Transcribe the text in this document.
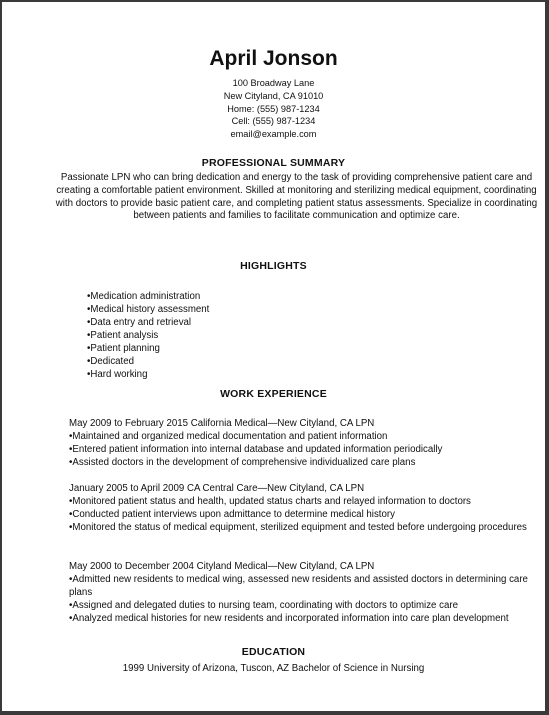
April Jonson
100 Broadway Lane
New Cityland, CA 91010
Home: (555) 987-1234
Cell: (555) 987-1234
email@example.com
PROFESSIONAL SUMMARY
Passionate LPN who can bring dedication and energy to the task of providing comprehensive patient care and creating a comfortable patient environment. Skilled at monitoring and sterilizing medical equipment, coordinating with doctors to provide basic patient care, and completing patient status assessments. Specialize in coordinating between patients and families to facilitate communication and optimize care.
HIGHLIGHTS
•Medication administration
•Medical history assessment
•Data entry and retrieval
•Patient analysis
•Patient planning
•Dedicated
•Hard working
WORK EXPERIENCE
May 2009 to February 2015 California Medical—New Cityland, CA LPN
•Maintained and organized medical documentation and patient information
•Entered patient information into internal database and updated information periodically
•Assisted doctors in the development of comprehensive individualized care plans
January 2005 to April 2009 CA Central Care—New Cityland, CA LPN
•Monitored patient status and health, updated status charts and relayed information to doctors
•Conducted patient interviews upon admittance to determine medical history
•Monitored the status of medical equipment, sterilized equipment and tested before undergoing procedures
May 2000 to December 2004 Cityland Medical—New Cityland, CA LPN
•Admitted new residents to medical wing, assessed new residents and assisted doctors in determining care plans
•Assigned and delegated duties to nursing team, coordinating with doctors to optimize care
•Analyzed medical histories for new residents and incorporated information into care plan development
EDUCATION
1999 University of Arizona, Tuscon, AZ Bachelor of Science in Nursing
